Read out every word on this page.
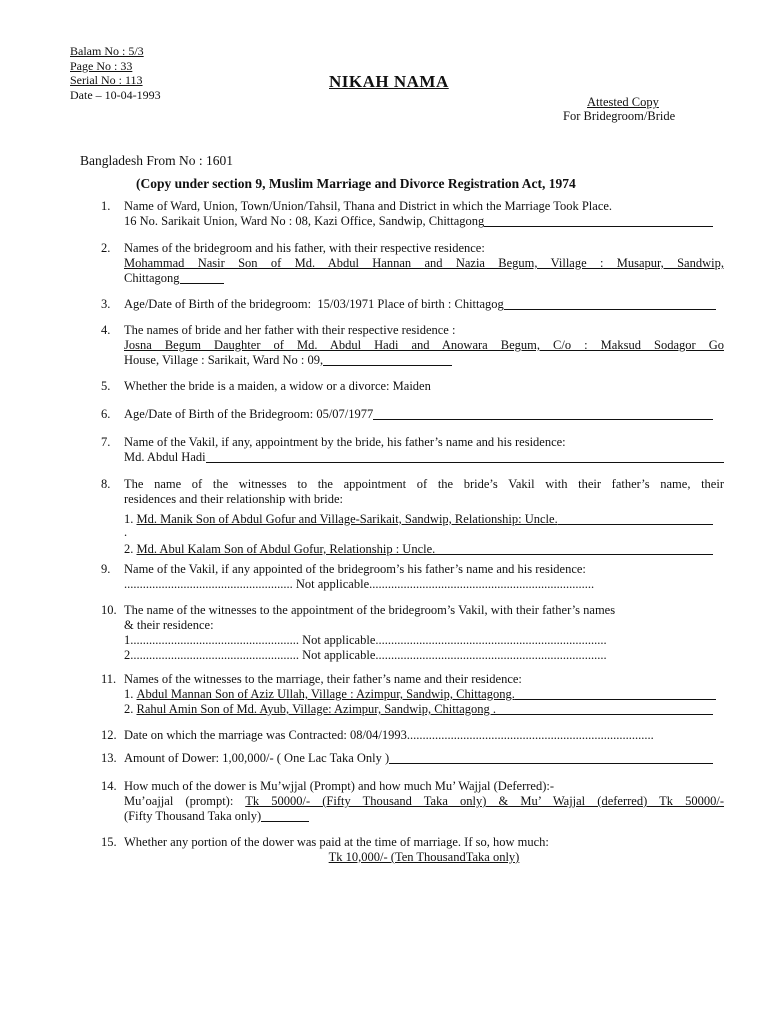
Balam No : 5/3
Page No : 33
Serial No : 113
Date – 10-04-1993
NIKAH NAMA
Attested Copy
For Bridegroom/Bride
Bangladesh From No : 1601
(Copy under section 9, Muslim Marriage and Divorce Registration Act, 1974
1.	Name of Ward, Union, Town/Union/Tahsil, Thana and District in which the Marriage Took Place.
16 No. Sarikait Union, Ward No : 08, Kazi Office, Sandwip, Chittagong
2.	Names of the bridegroom and his father, with their respective residence:
Mohammad Nasir Son of Md. Abdul Hannan and Nazia Begum, Village : Musapur, Sandwip,
Chittagong
3.	Age/Date of Birth of the bridegroom:
15/03/1971 Place of birth : Chittagog
4.	The names of bride and her father with their respective residence :
Josna Begum Daughter of Md. Abdul Hadi and Anowara Begum, C/o : Maksud Sodagor Go
House, Village : Sarikait, Ward No : 09,
5.	Whether the bride is a maiden, a widow or a divorce: Maiden
6.	Age/Date of Birth of the Bridegroom:
05/07/1977
7.	Name of the Vakil, if any, appointment by the bride, his father’s name and his residence:
Md. Abdul Hadi
8.	The name of the witnesses to the appointment of the bride’s Vakil with their father’s name, their
residences and their relationship with bride:
1.
Md. Manik Son of Abdul Gofur and Village-Sarikait, Sandwip, Relationship: Uncle.
.
2.
Md. Abul Kalam Son of Abdul Gofur, Relationship : Uncle.
9.	Name of the Vakil, if any appointed of the bridegroom’s his father’s name and his residence:
......................................................
Not applicable ........................................................................
10. The name of the witnesses to the appointment of the bridegroom’s Vakil, with their father’s names
& their residence:
1......................................................
Not applicable ..........................................................................
2......................................................
Not applicable ..........................................................................
11. Names of the witnesses to the marriage, their father’s name and their residence:
1.
Abdul Mannan Son of Aziz Ullah, Village : Azimpur, Sandwip, Chittagong.
2.
Rahul Amin Son of Md. Ayub, Village: Azimpur, Sandwip, Chittagong .
12. Date on which the marriage was Contracted: 08/04/1993 ...............................................................................
13. Amount of Dower:
1,00,000/- ( One Lac Taka Only )
14. How much of the dower is Mu’wjjal (Prompt) and how much Mu’ Wajjal (Deferred):-
Mu’oajjal (prompt): Tk 50000/- (Fifty Thousand Taka only) & Mu’ Wajjal (deferred) Tk 50000/-
(Fifty Thousand Taka only)
15. Whether any portion of the dower was paid at the time of marriage. If so, how much:
Tk 10,000/- (Ten ThousandTaka only)
